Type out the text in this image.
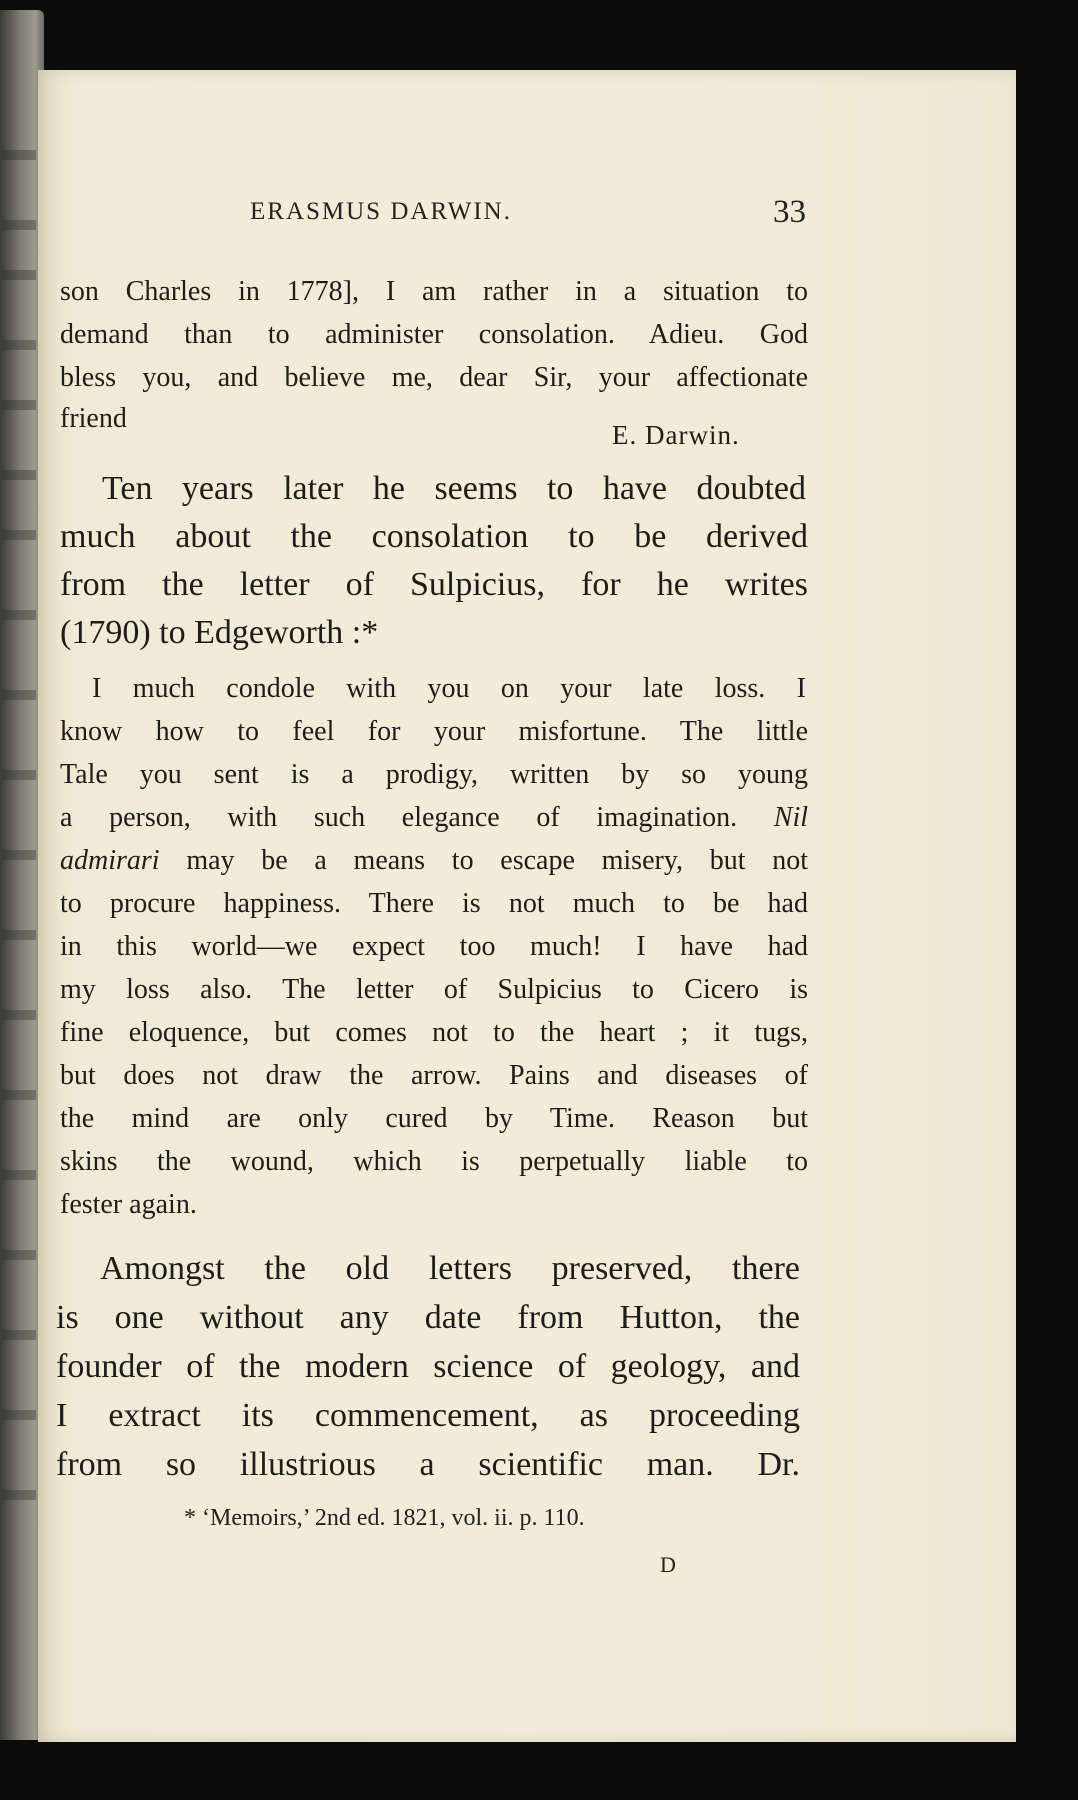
ERASMUS DARWIN.	33
son Charles in 1778], I am rather in a situation to
demand than to administer consolation. Adieu. God
bless you, and believe me, dear Sir, your affectionate
friend
E. Darwin.
Ten years later he seems to have doubted
much about the consolation to be derived
from the letter of Sulpicius, for he writes
(1790) to Edgeworth :*
I much condole with you on your late loss. I
know how to feel for your misfortune. The little
Tale you sent is a prodigy, written by so young
a person, with such elegance of imagination. Nil
admirari may be a means to escape misery, but not
to procure happiness. There is not much to be had
in this world—we expect too much! I have had
my loss also. The letter of Sulpicius to Cicero is
fine eloquence, but comes not to the heart ; it tugs,
but does not draw the arrow. Pains and diseases of
the mind are only cured by Time. Reason but
skins the wound, which is perpetually liable to
fester again.
Amongst the old letters preserved, there
is one without any date from Hutton, the
founder of the modern science of geology, and
I extract its commencement, as proceeding
from so illustrious a scientific man. Dr.
* ‘Memoirs,’ 2nd ed. 1821, vol. ii. p. 110.
D
